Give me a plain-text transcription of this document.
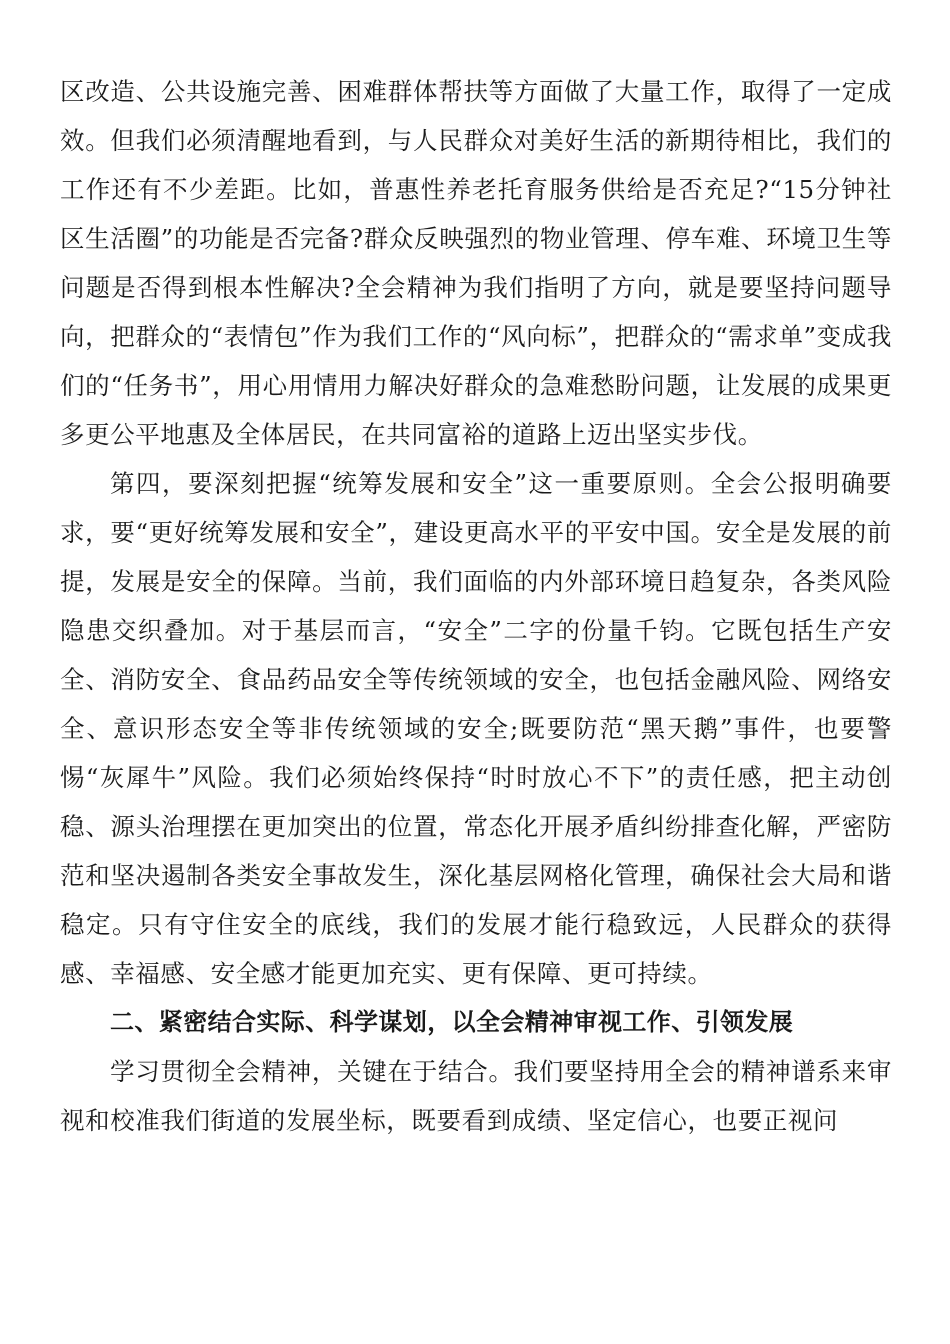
区改造、公共设施完善、困难群体帮扶等方面做了大量工作，取得了一定成效。但我们必须清醒地看到，与人民群众对美好生活的新期待相比，我们的工作还有不少差距。比如，普惠性养老托育服务供给是否充足?“15分钟社区生活圈”的功能是否完备?群众反映强烈的物业管理、停车难、环境卫生等问题是否得到根本性解决?全会精神为我们指明了方向，就是要坚持问题导向，把群众的“表情包”作为我们工作的“风向标”，把群众的“需求单”变成我们的“任务书”，用心用情用力解决好群众的急难愁盼问题，让发展的成果更多更公平地惠及全体居民，在共同富裕的道路上迈出坚实步伐。

第四，要深刻把握“统筹发展和安全”这一重要原则。全会公报明确要求，要“更好统筹发展和安全”，建设更高水平的平安中国。安全是发展的前提，发展是安全的保障。当前，我们面临的内外部环境日趋复杂，各类风险隐患交织叠加。对于基层而言，“安全”二字的份量千钧。它既包括生产安全、消防安全、食品药品安全等传统领域的安全，也包括金融风险、网络安全、意识形态安全等非传统领域的安全;既要防范“黑天鹅”事件，也要警惕“灰犀牛”风险。我们必须始终保持“时时放心不下”的责任感，把主动创稳、源头治理摆在更加突出的位置，常态化开展矛盾纠纷排查化解，严密防范和坚决遏制各类安全事故发生，深化基层网格化管理，确保社会大局和谐稳定。只有守住安全的底线，我们的发展才能行稳致远，人民群众的获得感、幸福感、安全感才能更加充实、更有保障、更可持续。

二、紧密结合实际、科学谋划，以全会精神审视工作、引领发展

学习贯彻全会精神，关键在于结合。我们要坚持用全会的精神谱系来审视和校准我们街道的发展坐标，既要看到成绩、坚定信心，也要正视问
